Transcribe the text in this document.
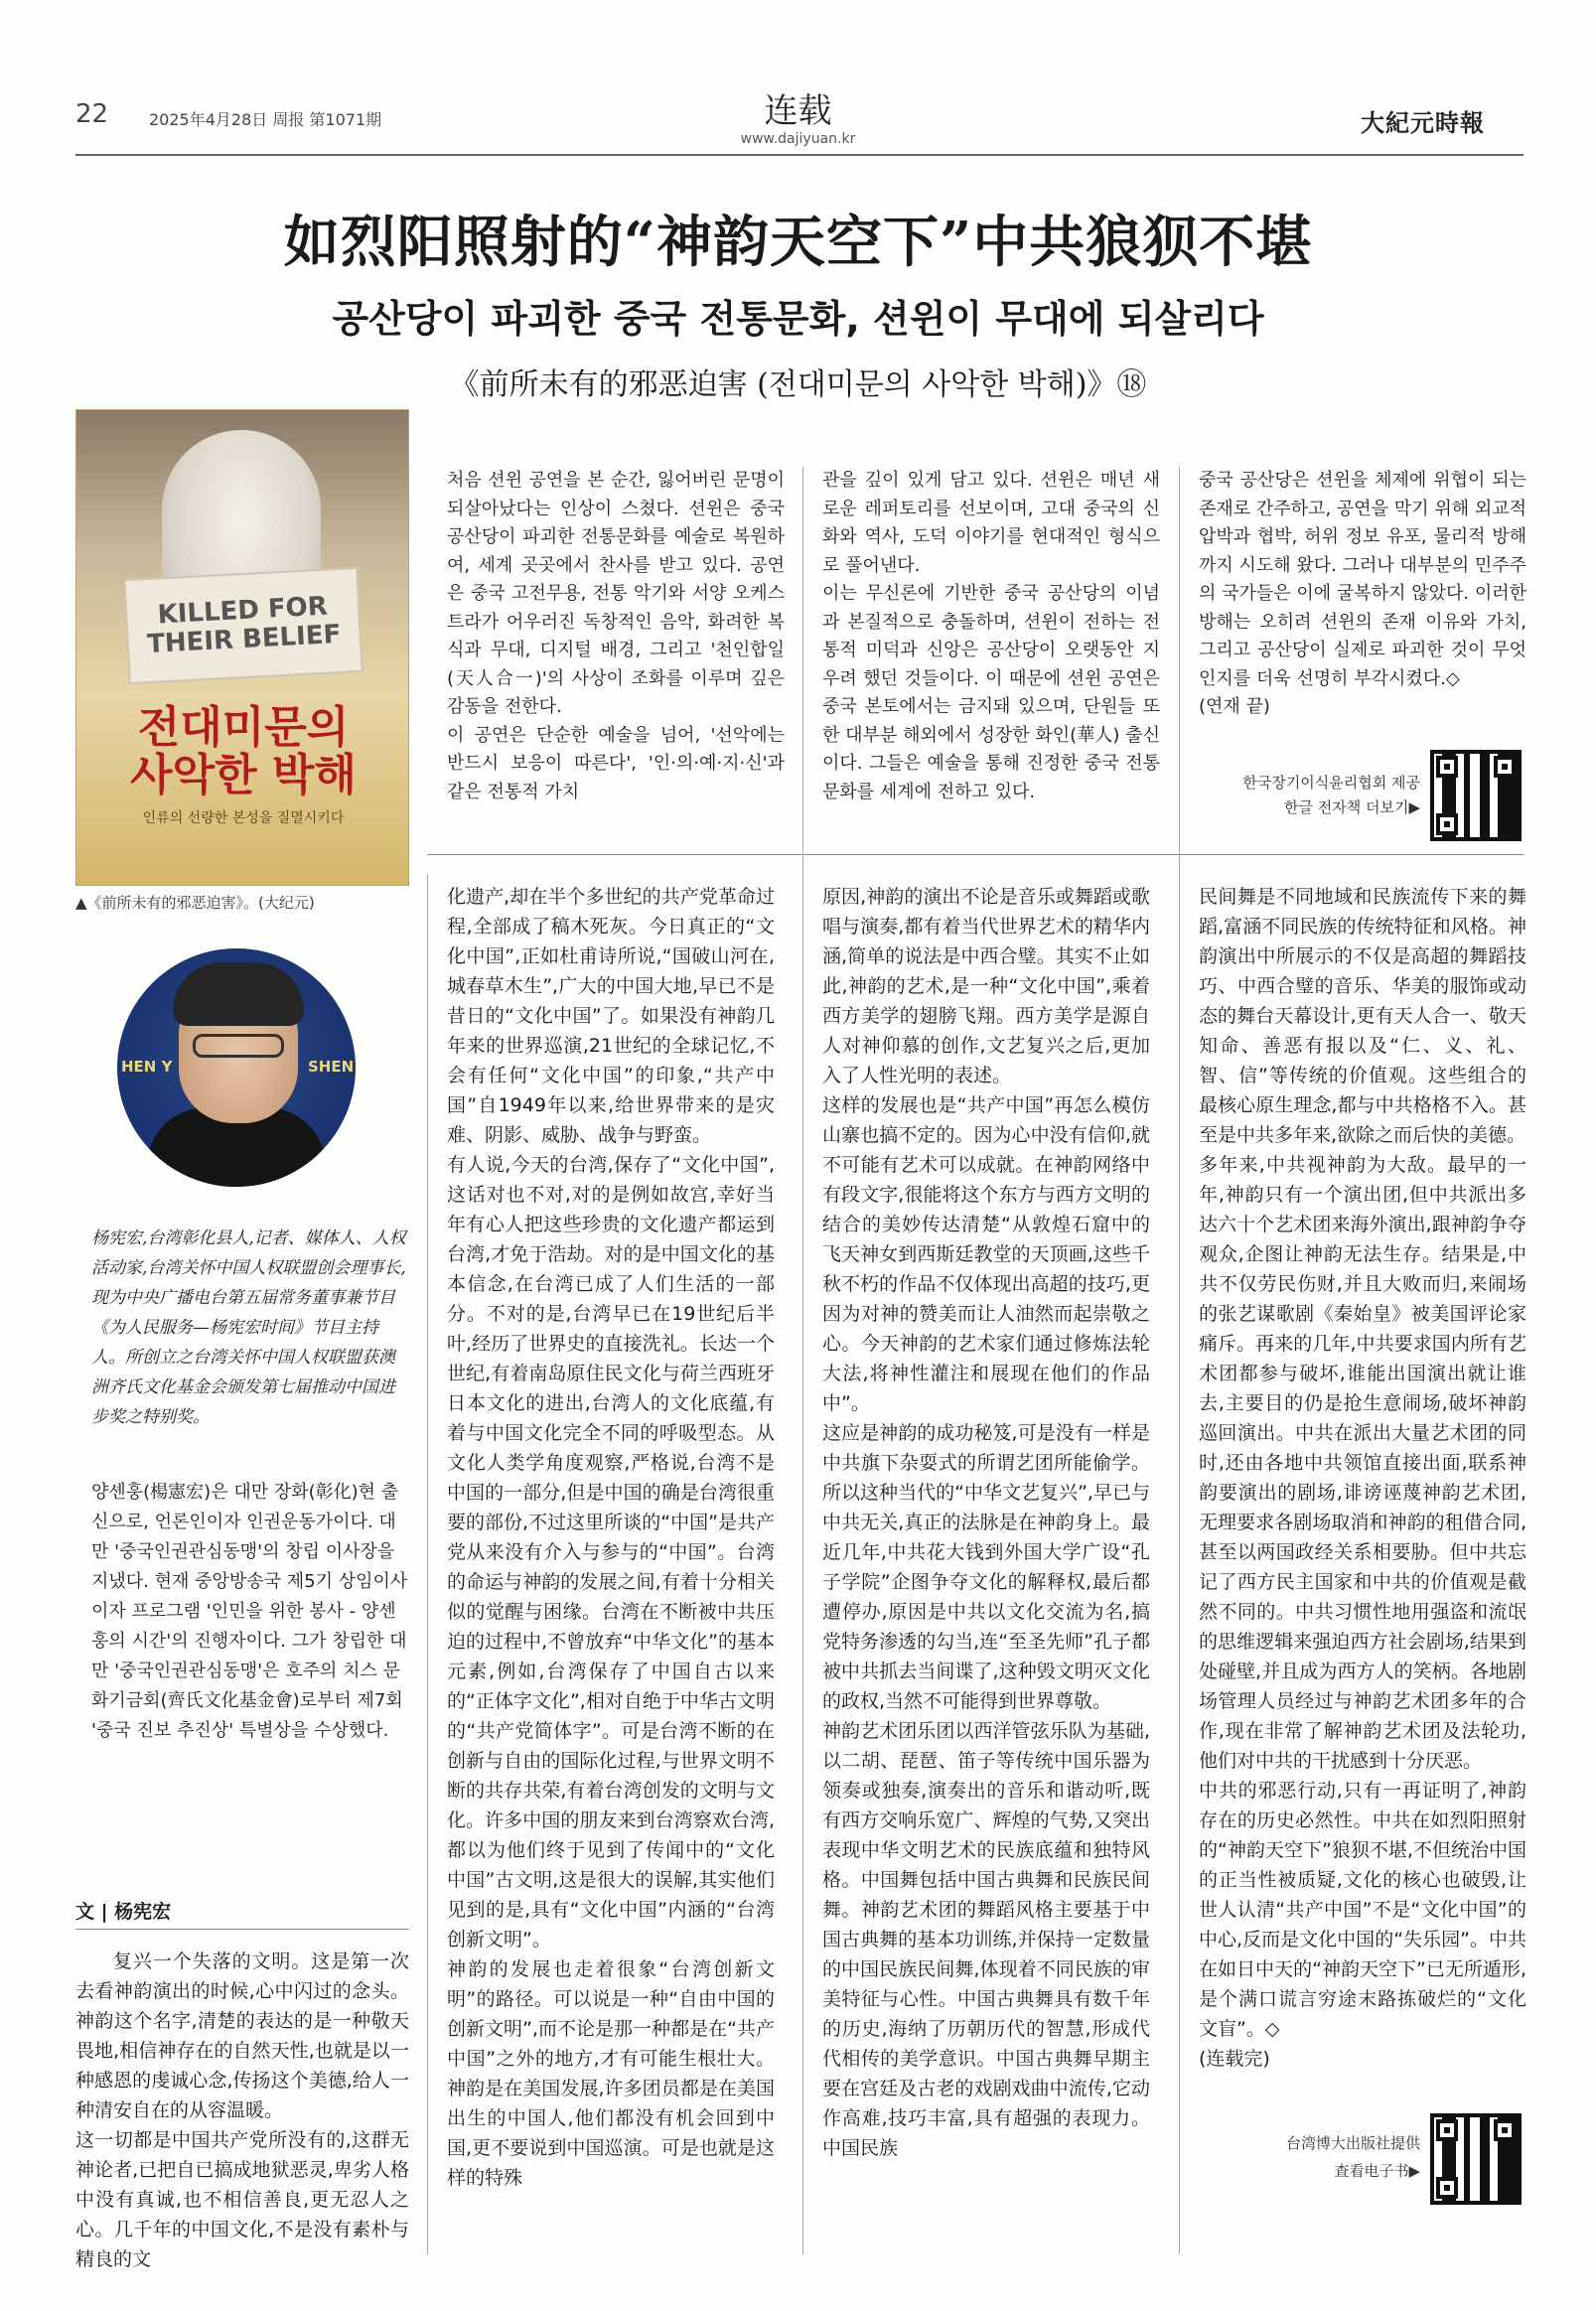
22	2025年4月28日 周报 第1071期	连载
www.dajiyuan.kr
大紀元時報
如烈阳照射的“神韵天空下”中共狼狈不堪
공산당이 파괴한 중국 전통문화, 션윈이 무대에 되살리다
《前所未有的邪恶迫害 (전대미문의 사악한 박해)》⑱
KILLED FOR
THEIR BELIEF
전대미문의
사악한 박해
인류의 선량한 본성을 질멸시키다
▲《前所未有的邪恶迫害》。(大纪元)
HEN Y	SHEN
杨宪宏,台湾彰化县人,记者、媒体人、人权活动家,台湾关怀中国人权联盟创会理事长,现为中央广播电台第五届常务董事兼节目《为人民服务—杨宪宏时间》节目主持人。所创立之台湾关怀中国人权联盟获澳洲齐氏文化基金会颁发第七届推动中国进步奖之特别奖。
양셴훙(楊憲宏)은 대만 장화(彰化)현 출신으로, 언론인이자 인권운동가이다. 대만 '중국인권관심동맹'의 창립 이사장을 지냈다. 현재 중앙방송국 제5기 상임이사이자 프로그램 '인민을 위한 봉사 - 양셴훙의 시간'의 진행자이다. 그가 창립한 대만 '중국인권관심동맹'은 호주의 치스 문화기금회(齊氏文化基金會)로부터 제7회 '중국 진보 추진상' 특별상을 수상했다.
文 | 杨宪宏
复兴一个失落的文明。这是第一次去看神韵演出的时候,心中闪过的念头。神韵这个名字,清楚的表达的是一种敬天畏地,相信神存在的自然天性,也就是以一种感恩的虔诚心念,传扬这个美德,给人一种清安自在的从容温暖。
这一切都是中国共产党所没有的,这群无神论者,已把自已搞成地狱恶灵,卑劣人格中没有真诚,也不相信善良,更无忍人之心。几千年的中国文化,不是没有素朴与精良的文
처음 션윈 공연을 본 순간, 잃어버린 문명이 되살아났다는 인상이 스쳤다. 션윈은 중국 공산당이 파괴한 전통문화를 예술로 복원하여, 세계 곳곳에서 찬사를 받고 있다. 공연은 중국 고전무용, 전통 악기와 서양 오케스트라가 어우러진 독창적인 음악, 화려한 복식과 무대, 디지털 배경, 그리고 '천인합일(天人合一)'의 사상이 조화를 이루며 깊은 감동을 전한다.
이 공연은 단순한 예술을 넘어, '선악에는 반드시 보응이 따른다', '인·의·예·지·신'과 같은 전통적 가치
관을 깊이 있게 담고 있다. 션윈은 매년 새로운 레퍼토리를 선보이며, 고대 중국의 신화와 역사, 도덕 이야기를 현대적인 형식으로 풀어낸다.
이는 무신론에 기반한 중국 공산당의 이념과 본질적으로 충돌하며, 션윈이 전하는 전통적 미덕과 신앙은 공산당이 오랫동안 지우려 했던 것들이다. 이 때문에 션윈 공연은 중국 본토에서는 금지돼 있으며, 단원들 또한 대부분 해외에서 성장한 화인(華人) 출신이다. 그들은 예술을 통해 진정한 중국 전통문화를 세계에 전하고 있다.
중국 공산당은 션윈을 체제에 위협이 되는 존재로 간주하고, 공연을 막기 위해 외교적 압박과 협박, 허위 정보 유포, 물리적 방해까지 시도해 왔다. 그러나 대부분의 민주주의 국가들은 이에 굴복하지 않았다. 이러한 방해는 오히려 션윈의 존재 이유와 가치, 그리고 공산당이 실제로 파괴한 것이 무엇인지를 더욱 선명히 부각시켰다.◇
(연재 끝)
한국장기이식윤리협회 제공
한글 전자책 더보기▶
化遗产,却在半个多世纪的共产党革命过程,全部成了稿木死灰。今日真正的“文化中国”,正如杜甫诗所说,“国破山河在,城春草木生”,广大的中国大地,早已不是昔日的“文化中国”了。如果没有神韵几年来的世界巡演,21世纪的全球记忆,不会有任何“文化中国”的印象,“共产中国”自1949年以来,给世界带来的是灾难、阴影、威胁、战争与野蛮。
有人说,今天的台湾,保存了“文化中国”,这话对也不对,对的是例如故宫,幸好当年有心人把这些珍贵的文化遗产都运到台湾,才免于浩劫。对的是中国文化的基本信念,在台湾已成了人们生活的一部分。不对的是,台湾早已在19世纪后半叶,经历了世界史的直接洗礼。长达一个世纪,有着南岛原住民文化与荷兰西班牙日本文化的进出,台湾人的文化底蕴,有着与中国文化完全不同的呼吸型态。从文化人类学角度观察,严格说,台湾不是中国的一部分,但是中国的确是台湾很重要的部份,不过这里所谈的“中国”是共产党从来没有介入与参与的“中国”。台湾的命运与神韵的发展之间,有着十分相关似的觉醒与困缘。台湾在不断被中共压迫的过程中,不曾放弃“中华文化”的基本元素,例如,台湾保存了中国自古以来的“正体字文化”,相对自绝于中华古文明的“共产党简体字”。可是台湾不断的在创新与自由的国际化过程,与世界文明不断的共存共荣,有着台湾创发的文明与文化。许多中国的朋友来到台湾察欢台湾,都以为他们终于见到了传闻中的“文化中国”古文明,这是很大的误解,其实他们见到的是,具有“文化中国”内涵的“台湾创新文明”。
神韵的发展也走着很象“台湾创新文明”的路径。可以说是一种“自由中国的创新文明”,而不论是那一种都是在“共产中国”之外的地方,才有可能生根壮大。神韵是在美国发展,许多团员都是在美国出生的中国人,他们都没有机会回到中国,更不要说到中国巡演。可是也就是这样的特殊
原因,神韵的演出不论是音乐或舞蹈或歌唱与演奏,都有着当代世界艺术的精华内涵,简单的说法是中西合璧。其实不止如此,神韵的艺术,是一种“文化中国”,乘着西方美学的翅膀飞翔。西方美学是源自人对神仰慕的创作,文艺复兴之后,更加入了人性光明的表述。
这样的发展也是“共产中国”再怎么模仿山寨也搞不定的。因为心中没有信仰,就不可能有艺术可以成就。在神韵网络中有段文字,很能将这个东方与西方文明的结合的美妙传达清楚“从敦煌石窟中的飞天神女到西斯廷教堂的天顶画,这些千秋不朽的作品不仅体现出高超的技巧,更因为对神的赞美而让人油然而起崇敬之心。今天神韵的艺术家们通过修炼法轮大法,将神性灌注和展现在他们的作品中”。
这应是神韵的成功秘笈,可是没有一样是中共旗下杂耍式的所谓艺团所能偷学。所以这种当代的“中华文艺复兴”,早已与中共无关,真正的法脉是在神韵身上。最近几年,中共花大钱到外国大学广设“孔子学院”企图争夺文化的解释权,最后都遭停办,原因是中共以文化交流为名,搞党特务渗透的勾当,连“至圣先师”孔子都被中共抓去当间谍了,这种毁文明灭文化的政权,当然不可能得到世界尊敬。
神韵艺术团乐团以西洋管弦乐队为基础,以二胡、琵琶、笛子等传统中国乐器为领奏或独奏,演奏出的音乐和谐动听,既有西方交响乐宽广、辉煌的气势,又突出表现中华文明艺术的民族底蕴和独特风格。中国舞包括中国古典舞和民族民间舞。神韵艺术团的舞蹈风格主要基于中国古典舞的基本功训练,并保持一定数量的中国民族民间舞,体现着不同民族的审美特征与心性。中国古典舞具有数千年的历史,海纳了历朝历代的智慧,形成代代相传的美学意识。中国古典舞早期主要在宫廷及古老的戏剧戏曲中流传,它动作高难,技巧丰富,具有超强的表现力。中国民族
民间舞是不同地域和民族流传下来的舞蹈,富涵不同民族的传统特征和风格。神韵演出中所展示的不仅是高超的舞蹈技巧、中西合璧的音乐、华美的服饰或动态的舞台天幕设计,更有天人合一、敬天知命、善恶有报以及“仁、义、礼、智、信”等传统的价值观。这些组合的最核心原生理念,都与中共格格不入。甚至是中共多年来,欲除之而后快的美德。
多年来,中共视神韵为大敌。最早的一年,神韵只有一个演出团,但中共派出多达六十个艺术团来海外演出,跟神韵争夺观众,企图让神韵无法生存。结果是,中共不仅劳民伤财,并且大败而归,来闹场的张艺谋歌剧《秦始皇》被美国评论家痛斥。再来的几年,中共要求国内所有艺术团都参与破坏,谁能出国演出就让谁去,主要目的仍是抢生意闹场,破坏神韵巡回演出。中共在派出大量艺术团的同时,还由各地中共领馆直接出面,联系神韵要演出的剧场,诽谤诬蔑神韵艺术团,无理要求各剧场取消和神韵的租借合同,甚至以两国政经关系相要胁。但中共忘记了西方民主国家和中共的价值观是截然不同的。中共习惯性地用强盗和流氓的思维逻辑来强迫西方社会剧场,结果到处碰壁,并且成为西方人的笑柄。各地剧场管理人员经过与神韵艺术团多年的合作,现在非常了解神韵艺术团及法轮功,他们对中共的干扰感到十分厌恶。
中共的邪恶行动,只有一再证明了,神韵存在的历史必然性。中共在如烈阳照射的“神韵天空下”狼狈不堪,不但统治中国的正当性被质疑,文化的核心也破毁,让世人认清“共产中国”不是“文化中国”的中心,反而是文化中国的“失乐园”。中共在如日中天的“神韵天空下”已无所遁形,是个满口谎言穷途末路拣破烂的“文化文盲”。◇
(连载完)
台湾博大出版社提供
查看电子书▶
